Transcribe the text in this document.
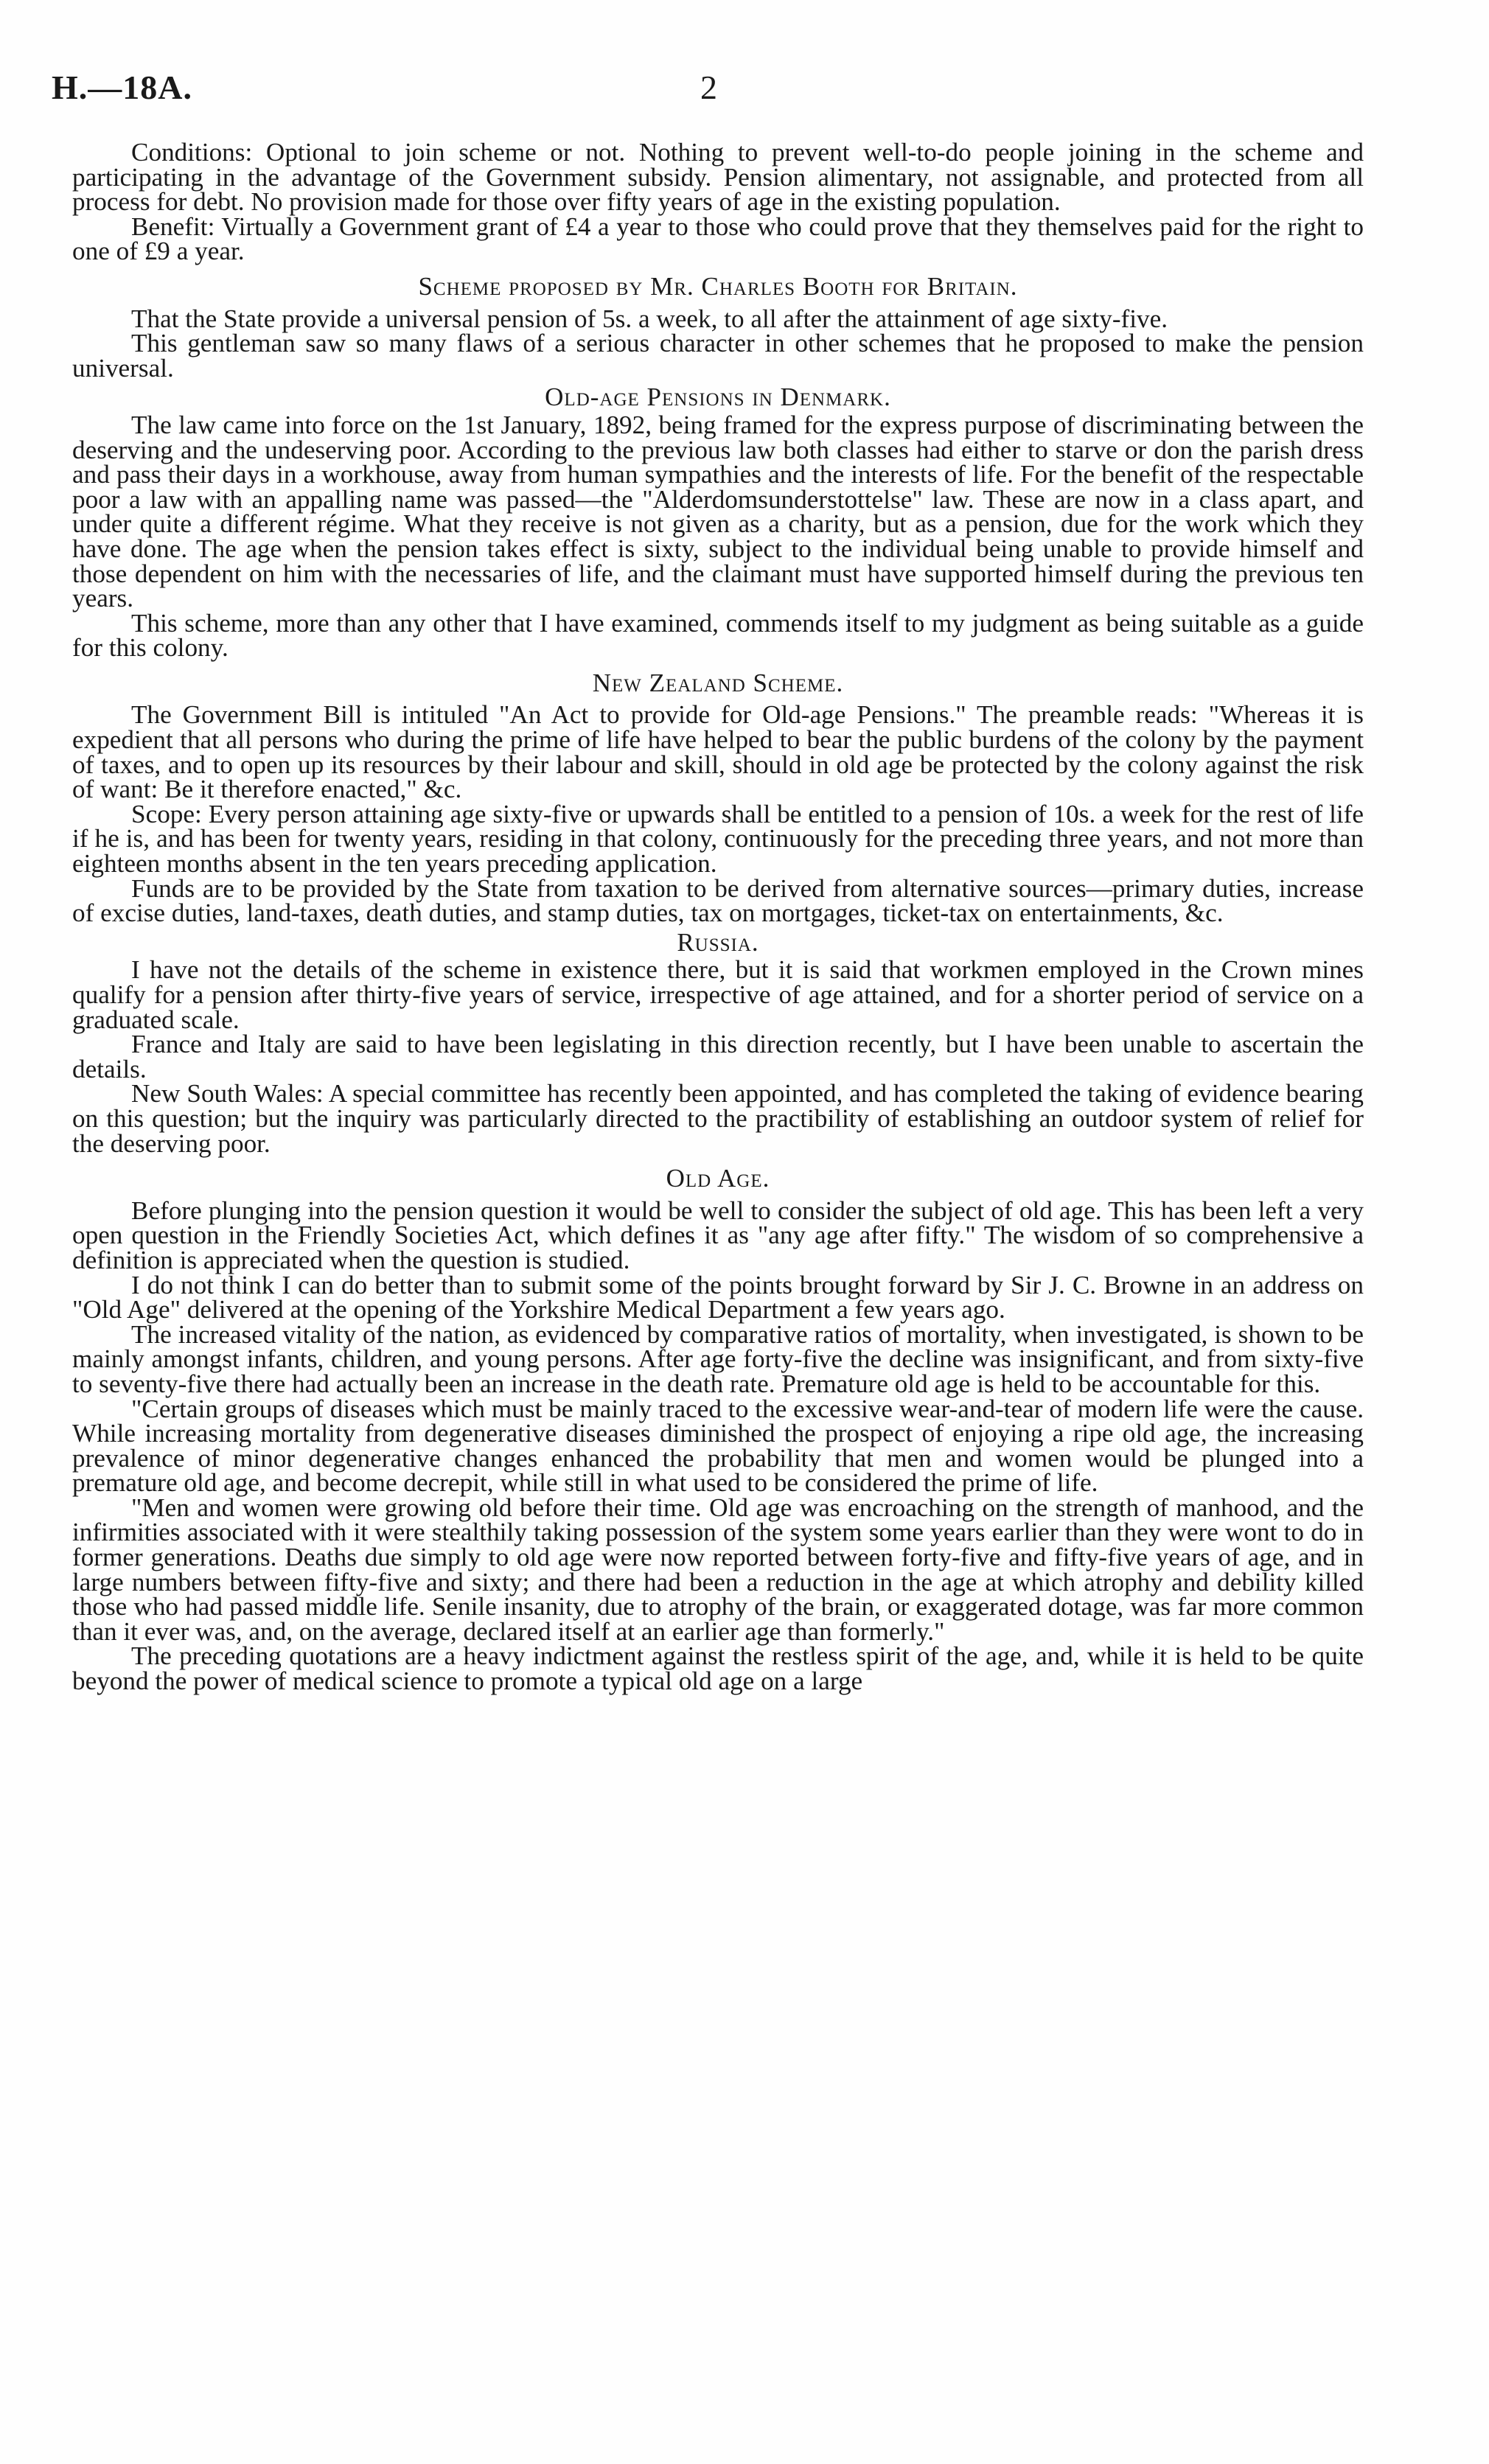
H.—18A.	2

Conditions: Optional to join scheme or not. Nothing to prevent well-to-do people joining in the scheme and participating in the advantage of the Government subsidy. Pension alimentary, not assignable, and protected from all process for debt. No provision made for those over fifty years of age in the existing population.

Benefit: Virtually a Government grant of £4 a year to those who could prove that they themselves paid for the right to one of £9 a year.

Scheme proposed by Mr. Charles Booth for Britain.

That the State provide a universal pension of 5s. a week, to all after the attainment of age sixty-five.

This gentleman saw so many flaws of a serious character in other schemes that he proposed to make the pension universal.

Old-age Pensions in Denmark.

The law came into force on the 1st January, 1892, being framed for the express purpose of discriminating between the deserving and the undeserving poor. According to the previous law both classes had either to starve or don the parish dress and pass their days in a workhouse, away from human sympathies and the interests of life. For the benefit of the respectable poor a law with an appalling name was passed—the "Alderdomsunderstottelse" law. These are now in a class apart, and under quite a different régime. What they receive is not given as a charity, but as a pension, due for the work which they have done. The age when the pension takes effect is sixty, subject to the individual being unable to provide himself and those dependent on him with the necessaries of life, and the claimant must have supported himself during the previous ten years.

This scheme, more than any other that I have examined, commends itself to my judgment as being suitable as a guide for this colony.

New Zealand Scheme.

The Government Bill is intituled "An Act to provide for Old-age Pensions." The preamble reads: "Whereas it is expedient that all persons who during the prime of life have helped to bear the public burdens of the colony by the payment of taxes, and to open up its resources by their labour and skill, should in old age be protected by the colony against the risk of want: Be it therefore enacted," &c.

Scope: Every person attaining age sixty-five or upwards shall be entitled to a pension of 10s. a week for the rest of life if he is, and has been for twenty years, residing in that colony, continuously for the preceding three years, and not more than eighteen months absent in the ten years preceding application.

Funds are to be provided by the State from taxation to be derived from alternative sources—primary duties, increase of excise duties, land-taxes, death duties, and stamp duties, tax on mortgages, ticket-tax on entertainments, &c.

Russia.

I have not the details of the scheme in existence there, but it is said that workmen employed in the Crown mines qualify for a pension after thirty-five years of service, irrespective of age attained, and for a shorter period of service on a graduated scale.

France and Italy are said to have been legislating in this direction recently, but I have been unable to ascertain the details.

New South Wales: A special committee has recently been appointed, and has completed the taking of evidence bearing on this question; but the inquiry was particularly directed to the practibility of establishing an outdoor system of relief for the deserving poor.

Old Age.

Before plunging into the pension question it would be well to consider the subject of old age. This has been left a very open question in the Friendly Societies Act, which defines it as "any age after fifty." The wisdom of so comprehensive a definition is appreciated when the question is studied.

I do not think I can do better than to submit some of the points brought forward by Sir J. C. Browne in an address on "Old Age" delivered at the opening of the Yorkshire Medical Department a few years ago.

The increased vitality of the nation, as evidenced by comparative ratios of mortality, when investigated, is shown to be mainly amongst infants, children, and young persons. After age forty-five the decline was insignificant, and from sixty-five to seventy-five there had actually been an increase in the death rate. Premature old age is held to be accountable for this.

"Certain groups of diseases which must be mainly traced to the excessive wear-and-tear of modern life were the cause. While increasing mortality from degenerative diseases diminished the prospect of enjoying a ripe old age, the increasing prevalence of minor degenerative changes enhanced the probability that men and women would be plunged into a premature old age, and become decrepit, while still in what used to be considered the prime of life.

"Men and women were growing old before their time. Old age was encroaching on the strength of manhood, and the infirmities associated with it were stealthily taking possession of the system some years earlier than they were wont to do in former generations. Deaths due simply to old age were now reported between forty-five and fifty-five years of age, and in large numbers between fifty-five and sixty; and there had been a reduction in the age at which atrophy and debility killed those who had passed middle life. Senile insanity, due to atrophy of the brain, or exaggerated dotage, was far more common than it ever was, and, on the average, declared itself at an earlier age than formerly."

The preceding quotations are a heavy indictment against the restless spirit of the age, and, while it is held to be quite beyond the power of medical science to promote a typical old age on a large
